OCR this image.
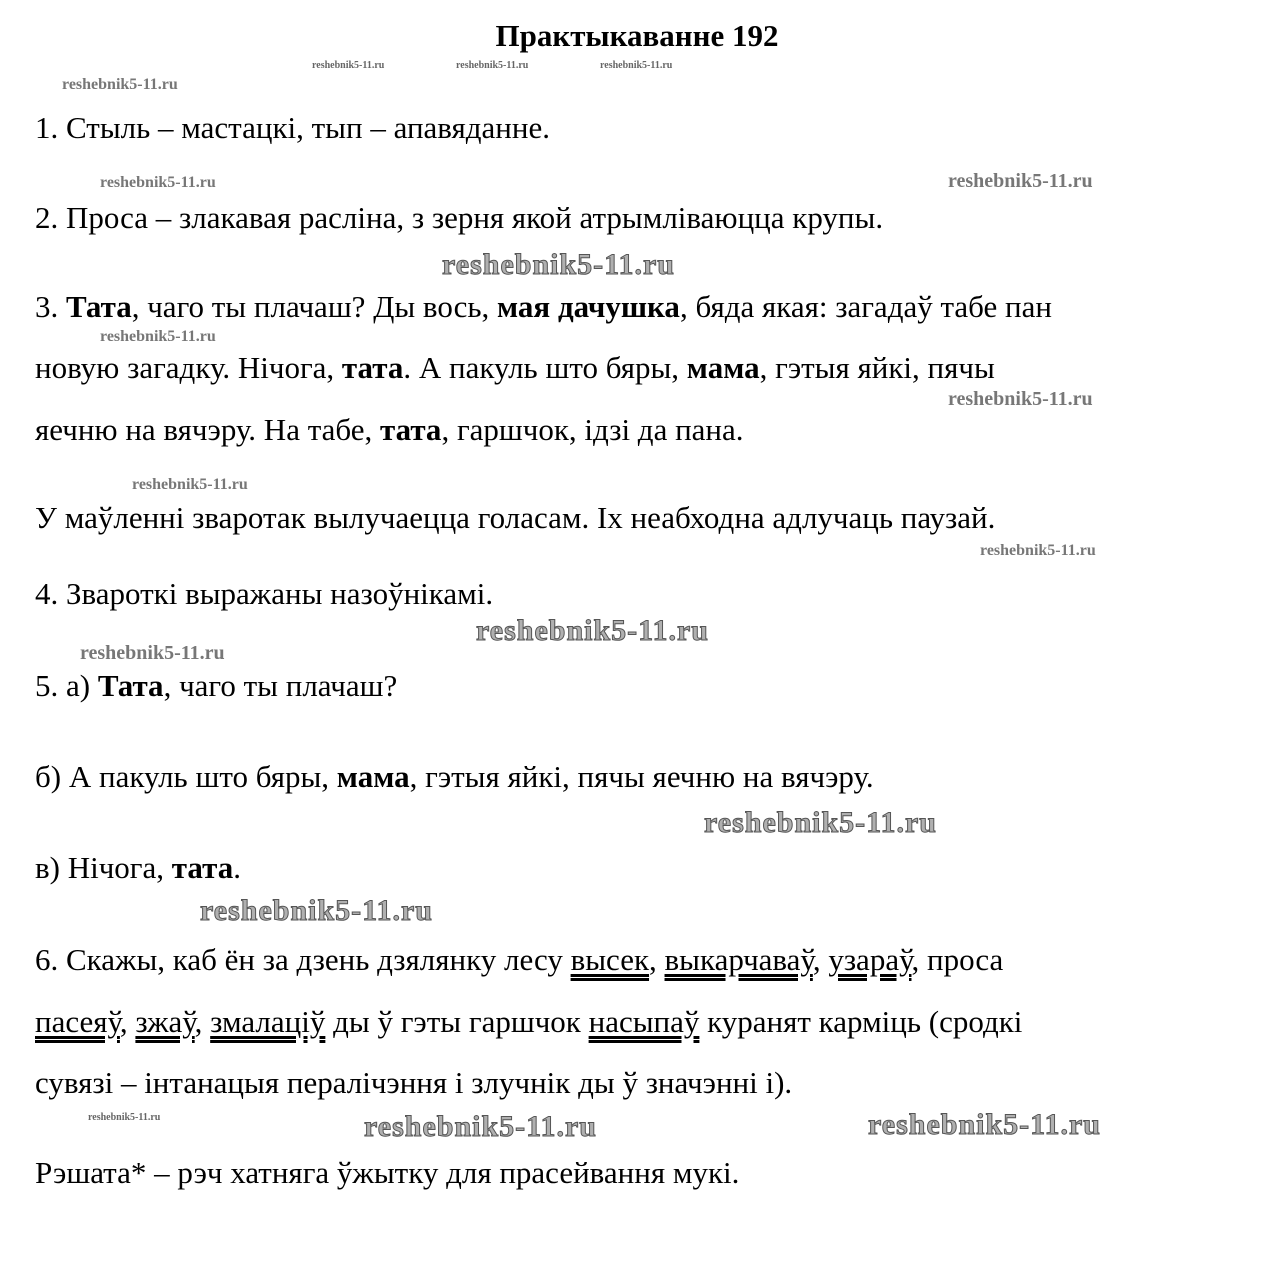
Практыкаванне 192
reshebnik5-11.ru	reshebnik5-11.ru	reshebnik5-11.ru
reshebnik5-11.ru
reshebnik5-11.ru	reshebnik5-11.ru
reshebnik5-11.ru
reshebnik5-11.ru
reshebnik5-11.ru
reshebnik5-11.ru
reshebnik5-11.ru
reshebnik5-11.ru
reshebnik5-11.ru
reshebnik5-11.ru
reshebnik5-11.ru
reshebnik5-11.ru	reshebnik5-11.ru	reshebnik5-11.ru
1. Стыль – мастацкі, тып – апавяданне.
2. Проса – злакавая расліна, з зерня якой атрымліваюцца крупы.
3. Тата, чаго ты плачаш? Ды вось, мая дачушка, бяда якая: загадаў табе пан
новую загадку. Нічога, тата. А пакуль што бяры, мама, гэтыя яйкі, пячы
яечню на вячэру. На табе, тата, гаршчок, ідзі да пана.
У маўленні зваротак вылучаецца голасам. Іх неабходна адлучаць паузай.
4. Звароткі выражаны назоўнікамі.
5. а) Тата, чаго ты плачаш?
б) А пакуль што бяры, мама, гэтыя яйкі, пячы яечню на вячэру.
в) Нічога, тата.
6. Скажы, каб ён за дзень дзялянку лесу высек, выкарчаваў, узараў, проса
пасеяў, зжаў, змалаціў ды ў гэты гаршчок насыпаў куранят карміць (сродкі
сувязі – інтанацыя пералічэння і злучнік ды ў значэнні і).
Рэшата* – рэч хатняга ўжытку для прасейвання мукі.
